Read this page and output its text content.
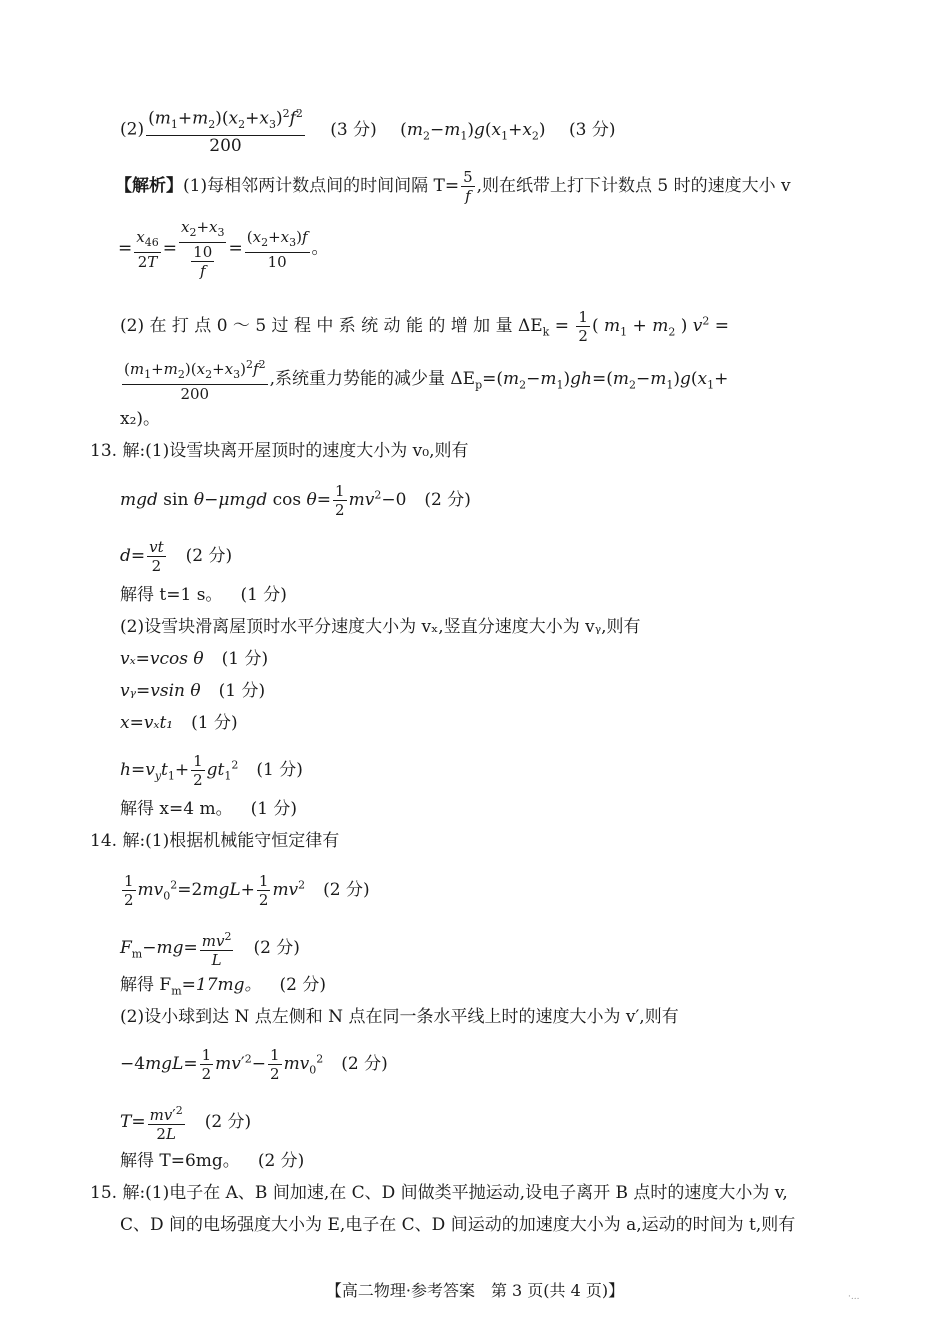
$(2) \frac{(m_1+m_2)(x_2+x_3)^2f^2}{200} (3$ 分) $(m_2-m_1)g(x_1+x_2)$ (3 分)
【解析】(1)每相邻两计数点间的时间间隔 $T= \frac{5}{f}$ ,则在纸带上打下计数点 5 时的速度大小 v
= $\frac{x_{46}}{2T} = \frac{x_2+x_3}{\frac{10}{f}} = \frac{(x_2+x_3)f}{10}$ 。
(2) 在 打 点 0 ～ 5 过 程 中 系 统 动 能 的 增 加 量 $\Delta E_k = \frac{1}{2}$ ( $m_1 + m_2$ ) $v^2$ =
$\frac{(m_1+m_2)(x_2+x_3)^2f^2}{200}$ ,系统重力势能的减少量 $\Delta E_p=(m_2-m_1)gh=(m_2-m_1)g(x_1+$
x₂)。
13. 解:(1)设雪块离开屋顶时的速度大小为 v₀,则有
mgd sin θ−μmgd $\cos \theta= \frac{1}{2} mv^2-0$ (2 分)
$d= \frac{vt}{2} (2$ 分)
解得 t=1 s。 (1 分)
(2)设雪块滑离屋顶时水平分速度大小为 vₓ,竖直分速度大小为 vᵧ,则有
vₓ=vcos θ (1 分)
vᵧ=vsin θ (1 分)
x=vₓt₁ (1 分)
$h=v_yt_1+ \frac{1}{2} gt_1^2$ (1 分)
解得 x=4 m。 (1 分)
14. 解:(1)根据机械能守恒定律有
$\frac{1}{2} mv_0^2=2mgL+ \frac{1}{2} mv^2$ (2 分)
$F_m-mg= \frac{mv^2}{L} (2$ 分)
解得 $F_m=17mg$。 (2 分)
(2)设小球到达 N 点左侧和 N 点在同一条水平线上时的速度大小为 v′,则有
$-4mgL= \frac{1}{2} mv'^2- \frac{1}{2} mv_0^2$ (2 分)
$T= \frac{mv'^2}{2L} (2$ 分)
解得 T=6mg。 (2 分)
15. 解:(1)电子在 A、B 间加速,在 C、D 间做类平抛运动,设电子离开 B 点时的速度大小为 v,
C、D 间的电场强度大小为 E,电子在 C、D 间运动的加速度大小为 a,运动的时间为 t,则有
【高二物理·参考答案　第 3 页(共 4 页)】	·...
